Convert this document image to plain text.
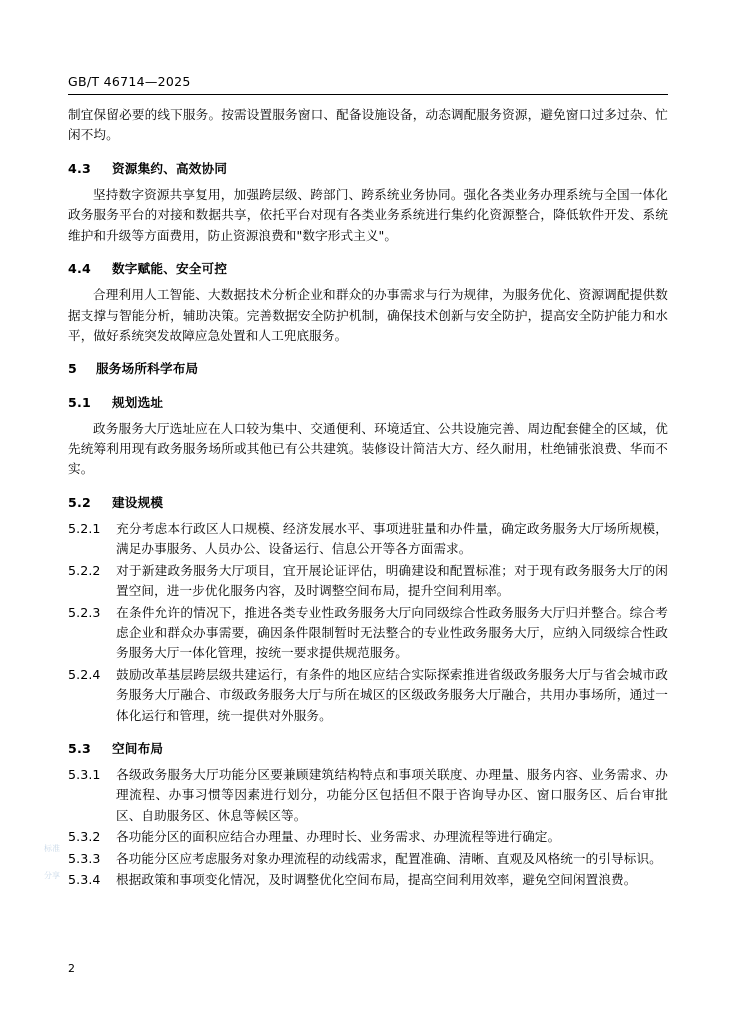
GB/T 46714—2025

制宜保留必要的线下服务。按需设置服务窗口、配备设施设备，动态调配服务资源，避免窗口过多过杂、忙闲不均。

4.3 资源集约、高效协同

坚持数字资源共享复用，加强跨层级、跨部门、跨系统业务协同。强化各类业务办理系统与全国一体化政务服务平台的对接和数据共享，依托平台对现有各类业务系统进行集约化资源整合，降低软件开发、系统维护和升级等方面费用，防止资源浪费和"数字形式主义"。

4.4 数字赋能、安全可控

合理利用人工智能、大数据技术分析企业和群众的办事需求与行为规律，为服务优化、资源调配提供数据支撑与智能分析，辅助决策。完善数据安全防护机制，确保技术创新与安全防护，提高安全防护能力和水平，做好系统突发故障应急处置和人工兜底服务。

5 服务场所科学布局
5.1 规划选址

政务服务大厅选址应在人口较为集中、交通便利、环境适宜、公共设施完善、周边配套健全的区域，优先统筹利用现有政务服务场所或其他已有公共建筑。装修设计简洁大方、经久耐用，杜绝铺张浪费、华而不实。

5.2 建设规模

5.2.1 充分考虑本行政区人口规模、经济发展水平、事项进驻量和办件量，确定政务服务大厅场所规模，满足办事服务、人员办公、设备运行、信息公开等各方面需求。

5.2.2 对于新建政务服务大厅项目，宜开展论证评估，明确建设和配置标准；对于现有政务服务大厅的闲置空间，进一步优化服务内容，及时调整空间布局，提升空间利用率。

5.2.3 在条件允许的情况下，推进各类专业性政务服务大厅向同级综合性政务服务大厅归并整合。综合考虑企业和群众办事需要，确因条件限制暂时无法整合的专业性政务服务大厅，应纳入同级综合性政务服务大厅一体化管理，按统一要求提供规范服务。

5.2.4 鼓励改革基层跨层级共建运行，有条件的地区应结合实际探索推进省级政务服务大厅与省会城市政务服务大厅融合、市级政务服务大厅与所在城区的区级政务服务大厅融合，共用办事场所，通过一体化运行和管理，统一提供对外服务。

5.3 空间布局

5.3.1 各级政务服务大厅功能分区要兼顾建筑结构特点和事项关联度、办理量、服务内容、业务需求、办理流程、办事习惯等因素进行划分，功能分区包括但不限于咨询导办区、窗口服务区、后台审批区、自助服务区、休息等候区等。

5.3.2 各功能分区的面积应结合办理量、办理时长、业务需求、办理流程等进行确定。

5.3.3 各功能分区应考虑服务对象办理流程的动线需求，配置准确、清晰、直观及风格统一的引导标识。

5.3.4 根据政策和事项变化情况，及时调整优化空间布局，提高空间利用效率，避免空间闲置浪费。

标准
分享
2
